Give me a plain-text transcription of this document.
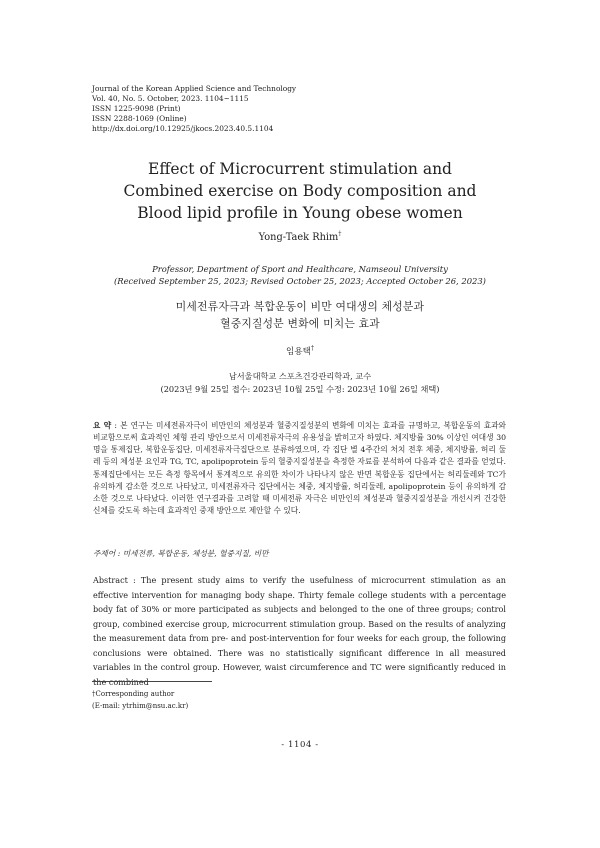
Journal of the Korean Applied Science and Technology
Vol. 40, No. 5. October, 2023. 1104~1115
ISSN 1225-9098 (Print)
ISSN 2288-1069 (Online)
http://dx.doi.org/10.12925/jkocs.2023.40.5.1104
Effect of Microcurrent stimulation and
Combined exercise on Body composition and
Blood lipid profile in Young obese women
Yong-Taek Rhim†
Professor, Department of Sport and Healthcare, Namseoul University
(Received September 25, 2023; Revised October 25, 2023; Accepted October 26, 2023)
미세전류자극과 복합운동이 비만 여대생의 체성분과
혈중지질성분 변화에 미치는 효과
임용택†
남서울대학교 스포츠건강관리학과, 교수
(2023년 9월 25일 접수: 2023년 10월 25일 수정: 2023년 10월 26일 채택)
요 약 : 본 연구는 미세전류자극이 비만인의 체성분과 혈중지질성분의 변화에 미치는 효과를 규명하고, 복합운동의 효과와 비교함으로써 효과적인 체형 관리 방안으로서 미세전류자극의 유용성을 밝히고자 하였다. 체지방률 30% 이상인 여대생 30명을 통제집단, 복합운동집단, 미세전류자극집단으로 분류하였으며, 각 집단 별 4주간의 처치 전후 체중, 체지방률, 허리 둘레 등의 체성분 요인과 TG, TC, apolipoprotein 등의 혈중지질성분을 측정한 자료를 분석하여 다음과 같은 결과를 얻었다. 통제집단에서는 모든 측정 항목에서 통계적으로 유의한 차이가 나타나지 않은 반면 복합운동 집단에서는 허리둘레와 TC가 유의하게 감소한 것으로 나타났고, 미세전류자극 집단에서는 체중, 체지방률, 허리둘레, apolipoprotein 등이 유의하게 감소한 것으로 나타났다. 이러한 연구결과를 고려할 때 미세전류 자극은 비만인의 체성분과 혈중지질성분을 개선시켜 건강한 신체를 갖도록 하는데 효과적인 중재 방안으로 제안할 수 있다.
주제어 : 미세전류, 복합운동, 체성분, 혈중지질, 비만
Abstract : The present study aims to verify the usefulness of microcurrent stimulation as an effective intervention for managing body shape. Thirty female college students with a percentage body fat of 30% or more participated as subjects and belonged to the one of three groups; control group, combined exercise group, microcurrent stimulation group. Based on the results of analyzing the measurement data from pre- and post-intervention for four weeks for each group, the following conclusions were obtained. There was no statistically significant difference in all measured variables in the control group. However, waist circumference and TC were significantly reduced in the combined
†Corresponding author
(E-mail: ytrhim@nsu.ac.kr)
- 1104 -
